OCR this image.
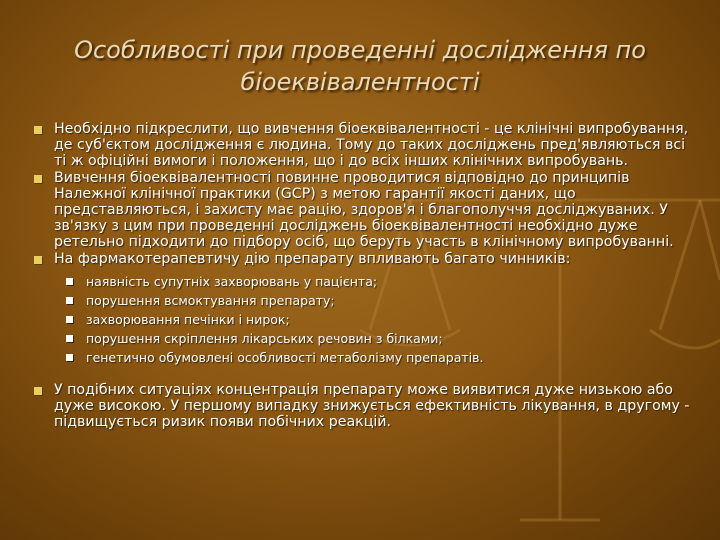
Особливості при проведенні дослідження по біоеквівалентності
Необхідно підкреслити, що вивчення біоеквівалентності - це клінічні випробування, де суб'єктом дослідження є людина. Тому до таких досліджень пред'являються всі ті ж офіційні вимоги і положення, що і до всіх інших клінічних випробувань.
Вивчення біоеквівалентності повинне проводитися відповідно до принципів Належної клінічної практики (GCP) з метою гарантії якості даних, що представляються, і захисту має рацію, здоров'я і благополуччя досліджуваних. У зв'язку з цим при проведенні досліджень біоеквівалентності необхідно дуже ретельно підходити до підбору осіб, що беруть участь в клінічному випробуванні.
На фармакотерапевтичу дію препарату впливають багато чинників:
наявність супутніх захворювань у пацієнта;
порушення всмоктування препарату;
захворювання печінки і нирок;
порушення скріплення лікарських речовин з білками;
генетично обумовлені особливості метаболізму препаратів.
У подібних ситуаціях концентрація препарату може виявитися дуже низькою або дуже високою. У першому випадку знижується ефективність лікування, в другому - підвищується ризик появи побічних реакцій.
